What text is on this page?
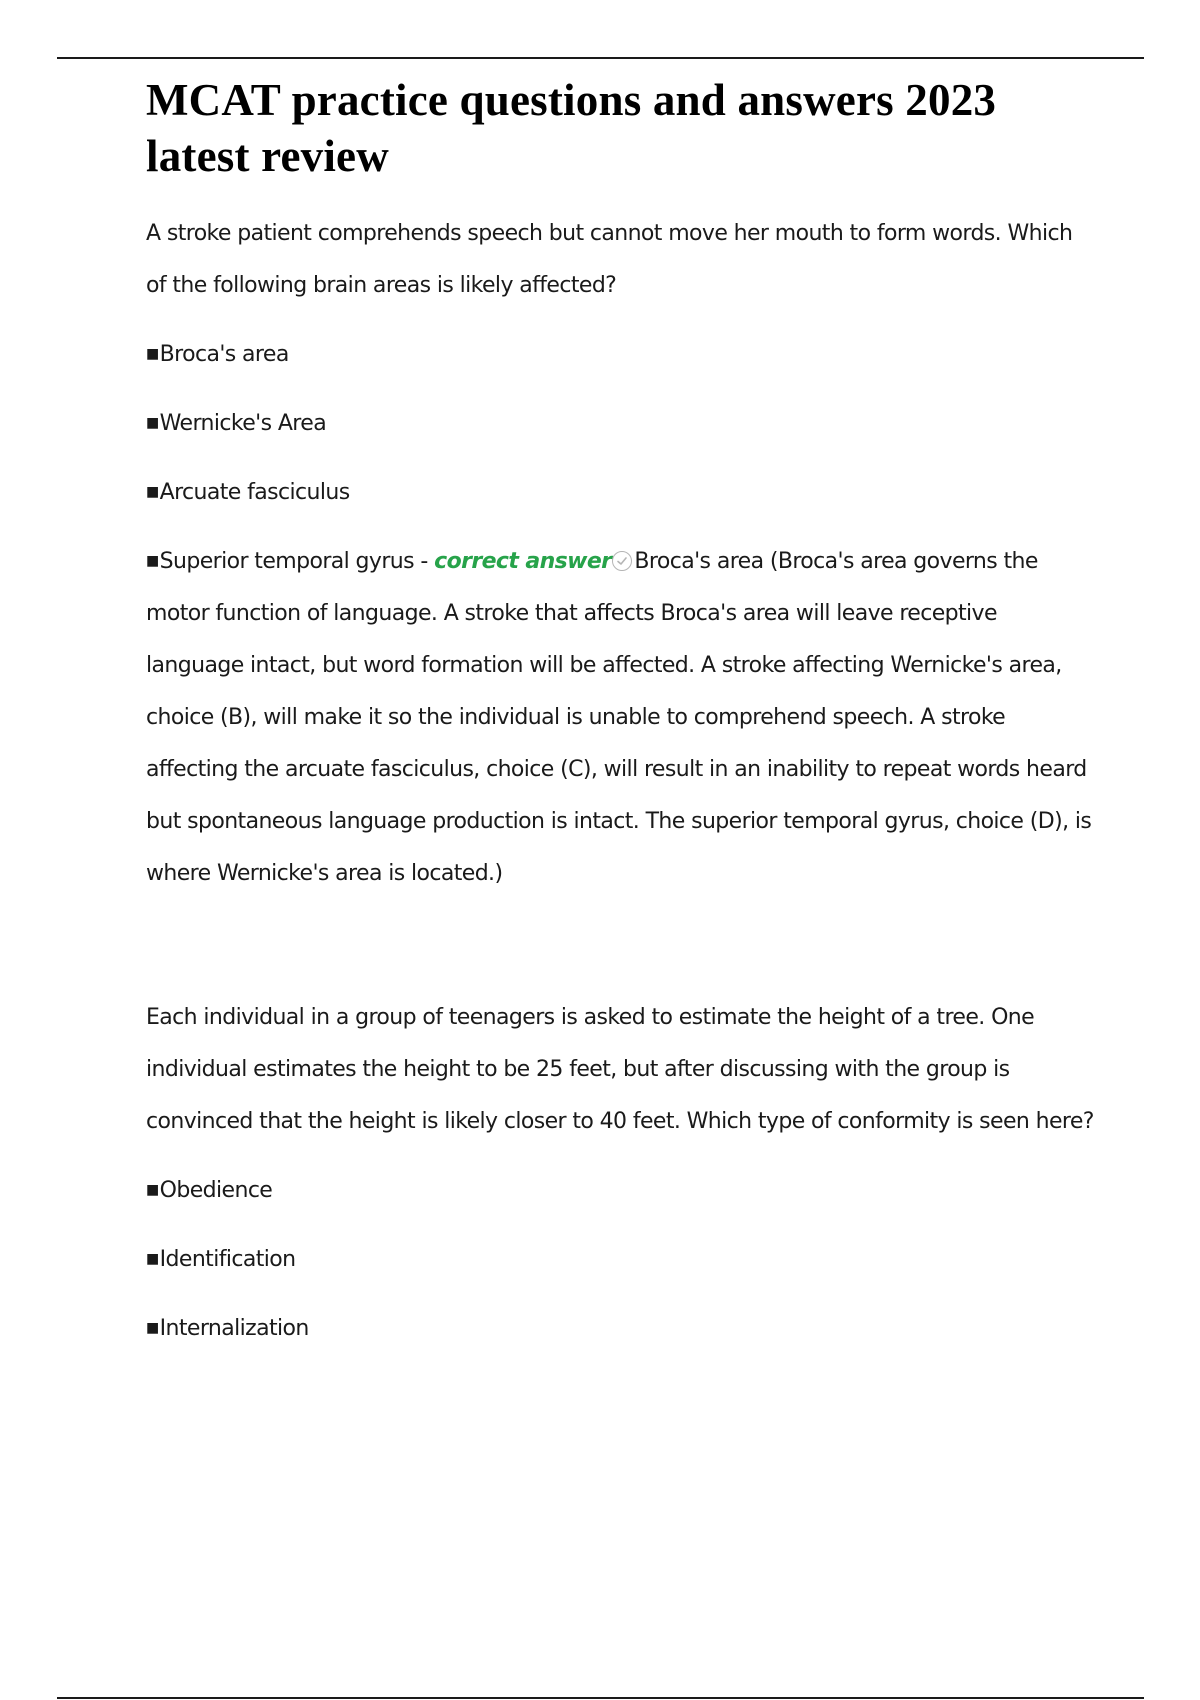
MCAT practice questions and answers 2023 latest review

A stroke patient comprehends speech but cannot move her mouth to form words. Which of the following brain areas is likely affected?

■Broca's area

■Wernicke's Area

■Arcuate fasciculus

■Superior temporal gyrus - correct answer Broca's area (Broca's area governs the motor function of language. A stroke that affects Broca's area will leave receptive language intact, but word formation will be affected. A stroke affecting Wernicke's area, choice (B), will make it so the individual is unable to comprehend speech. A stroke affecting the arcuate fasciculus, choice (C), will result in an inability to repeat words heard but spontaneous language production is intact. The superior temporal gyrus, choice (D), is where Wernicke's area is located.)

Each individual in a group of teenagers is asked to estimate the height of a tree. One individual estimates the height to be 25 feet, but after discussing with the group is convinced that the height is likely closer to 40 feet. Which type of conformity is seen here?

■Obedience

■Identification

■Internalization
